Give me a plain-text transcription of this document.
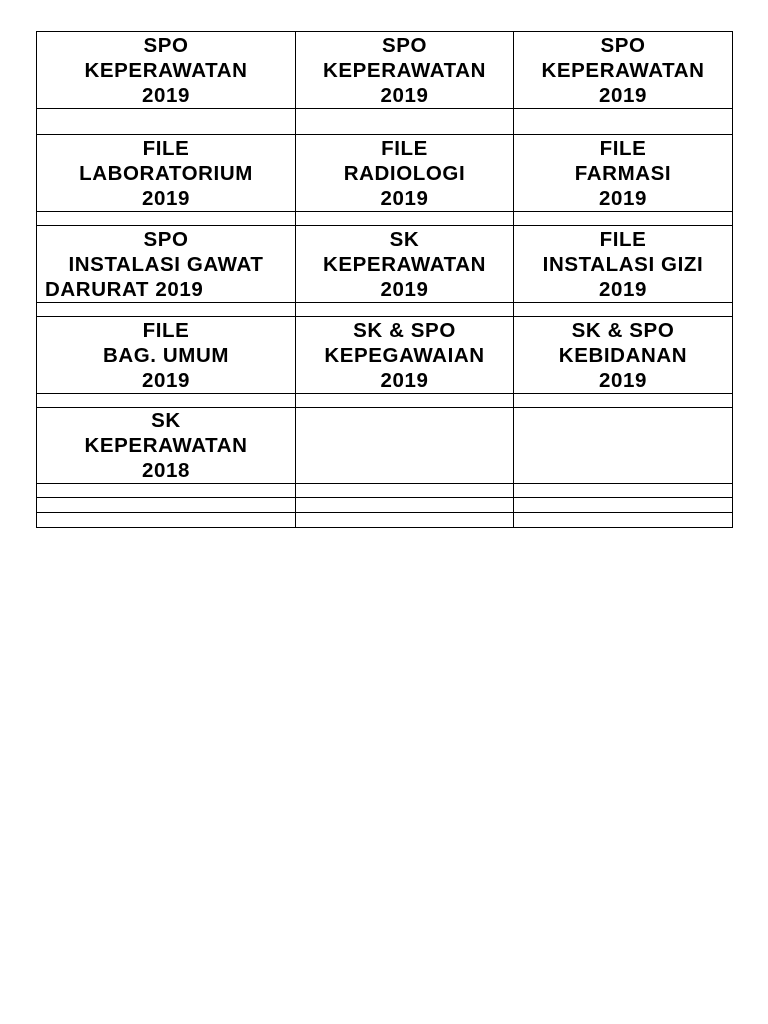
SPO
KEPERAWATAN
2019	SPO
KEPERAWATAN
2019	SPO
KEPERAWATAN
2019

FILE
LABORATORIUM
2019	FILE
RADIOLOGI
2019	FILE
FARMASI
2019

SPO
INSTALASI GAWAT
DARURAT 2019	SK
KEPERAWATAN
2019	FILE
INSTALASI GIZI
2019

FILE
BAG. UMUM
2019	SK & SPO
KEPEGAWAIAN
2019	SK & SPO
KEBIDANAN
2019

SK
KEPERAWATAN
2018		
